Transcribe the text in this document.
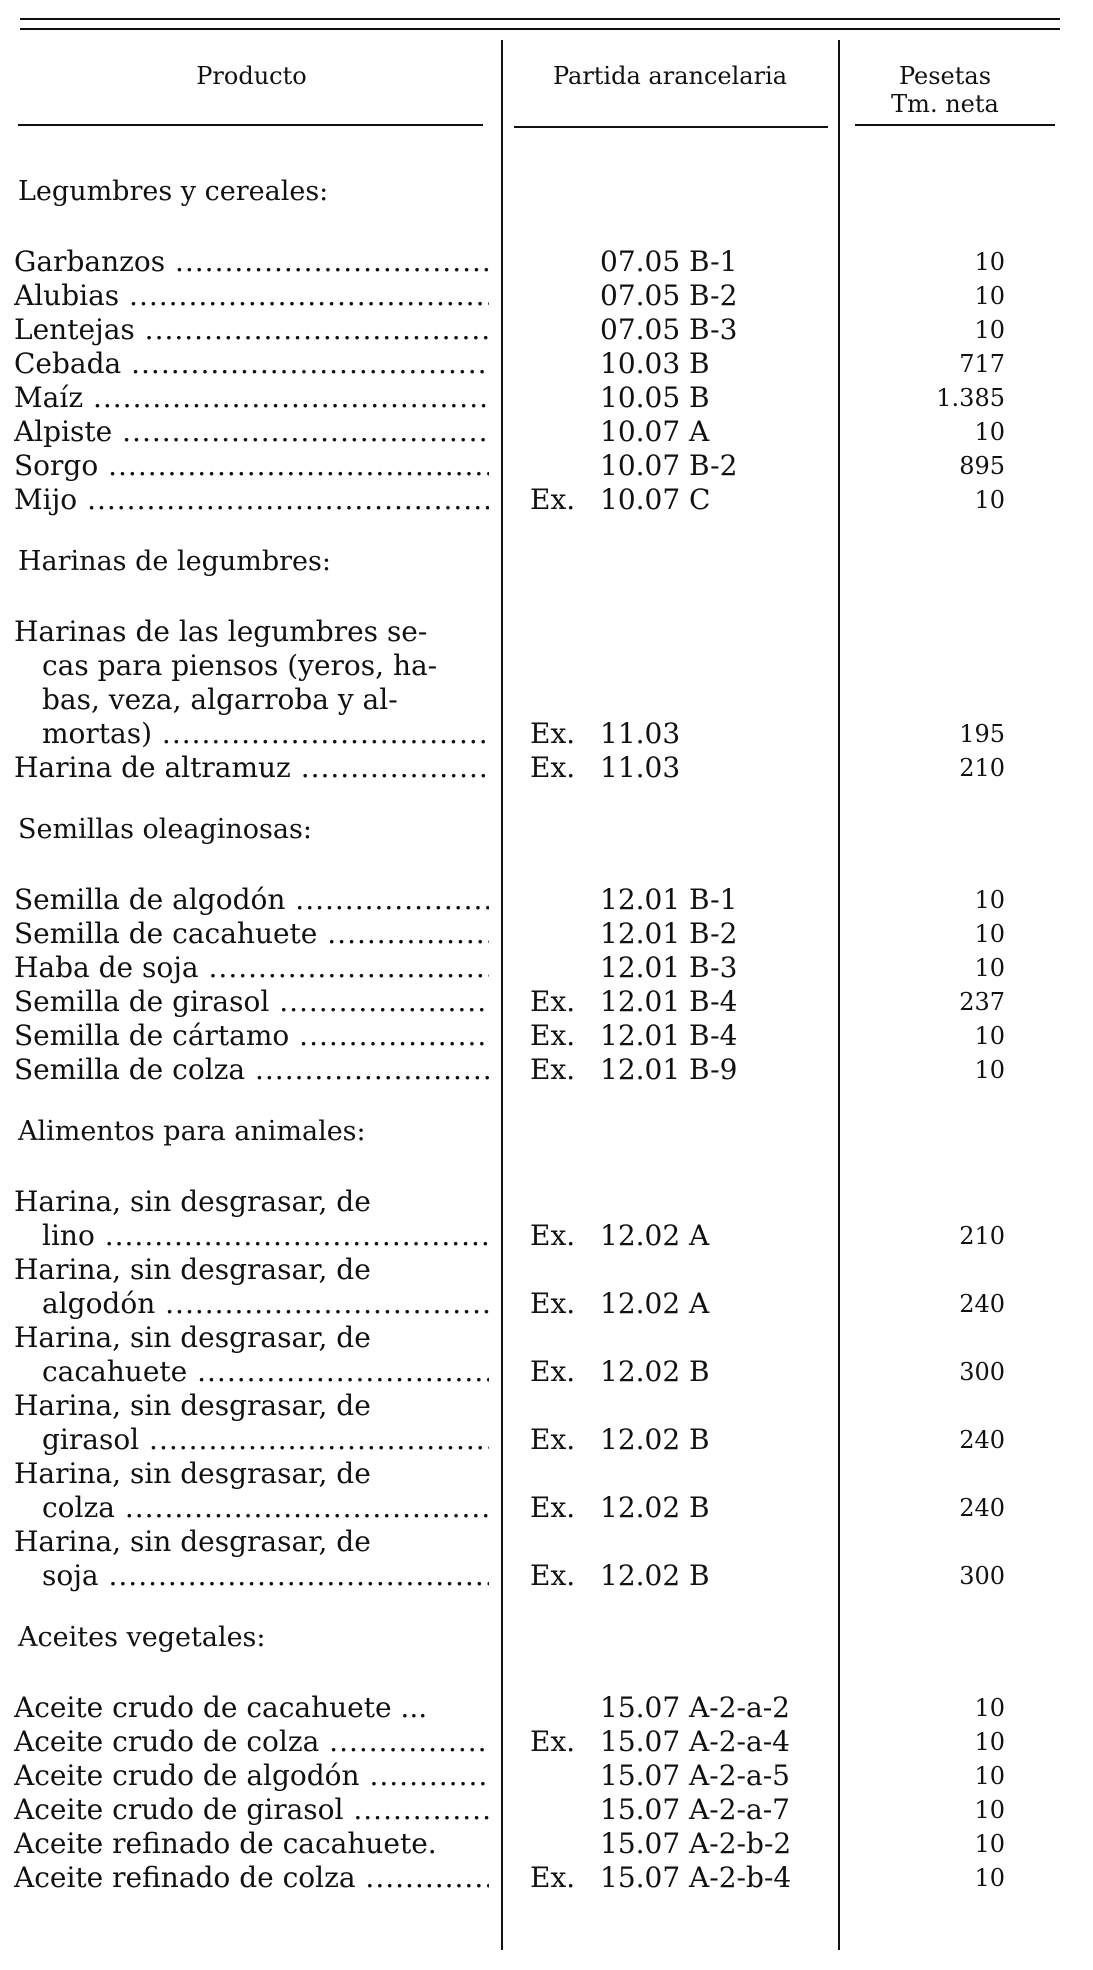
Producto	Partida arancelaria	Pesetas
Tm. neta
Legumbres y cereales:
Garbanzos .....	07.05 B-1	10
Alubias .....	07.05 B-2	10
Lentejas .....	07.05 B-3	10
Cebada .....	10.03 B	717
Maíz .....	10.05 B	1.385
Alpiste .....	10.07 A	10
Sorgo .....	10.07 B-2	895
Mijo .....	Ex. 10.07 C	10
Harinas de legumbres:
Harinas de las legumbres se-
cas para piensos (yeros, ha-
bas, veza, algarroba y al-
mortas) .....	Ex. 11.03	195
Harina de altramuz .....	Ex. 11.03	210
Semillas oleaginosas:
Semilla de algodón .....	12.01 B-1	10
Semilla de cacahuete .....	12.01 B-2	10
Haba de soja .....	12.01 B-3	10
Semilla de girasol .....	Ex. 12.01 B-4	237
Semilla de cártamo .....	Ex. 12.01 B-4	10
Semilla de colza .....	Ex. 12.01 B-9	10
Alimentos para animales:
Harina, sin desgrasar, de
lino .....	Ex. 12.02 A	210
Harina, sin desgrasar, de
algodón .....	Ex. 12.02 A	240
Harina, sin desgrasar, de
cacahuete .....	Ex. 12.02 B	300
Harina, sin desgrasar, de
girasol .....	Ex. 12.02 B	240
Harina, sin desgrasar, de
colza .....	Ex. 12.02 B	240
Harina, sin desgrasar, de
soja .....	Ex. 12.02 B	300
Aceites vegetales:
Aceite crudo de cacahuete ...	15.07 A-2-a-2	10
Aceite crudo de colza .....	Ex. 15.07 A-2-a-4	10
Aceite crudo de algodón .....	15.07 A-2-a-5	10
Aceite crudo de girasol .....	15.07 A-2-a-7	10
Aceite refinado de cacahuete.	15.07 A-2-b-2	10
Aceite refinado de colza .....	Ex. 15.07 A-2-b-4	10
